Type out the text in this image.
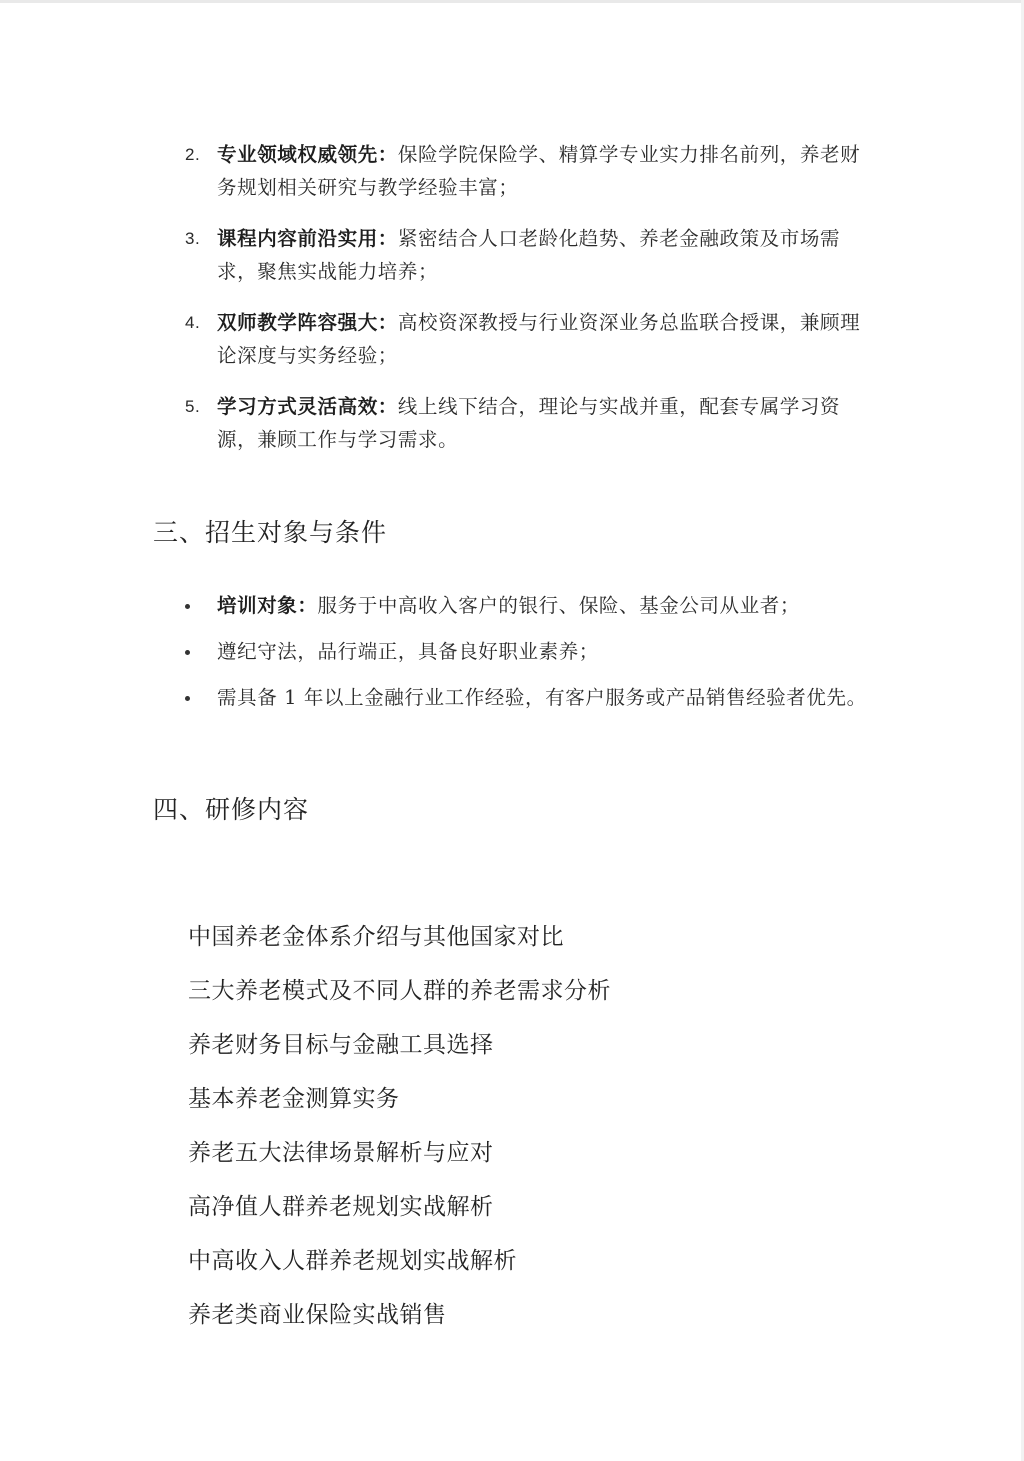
2. 专业领域权威领先：保险学院保险学、精算学专业实力排名前列，养老财务规划相关研究与教学经验丰富；
3. 课程内容前沿实用：紧密结合人口老龄化趋势、养老金融政策及市场需求，聚焦实战能力培养；
4. 双师教学阵容强大：高校资深教授与行业资深业务总监联合授课，兼顾理论深度与实务经验；
5. 学习方式灵活高效：线上线下结合，理论与实战并重，配套专属学习资源，兼顾工作与学习需求。
三、招生对象与条件
培训对象：服务于中高收入客户的银行、保险、基金公司从业者；
遵纪守法，品行端正，具备良好职业素养；
需具备 1 年以上金融行业工作经验，有客户服务或产品销售经验者优先。
四、研修内容
中国养老金体系介绍与其他国家对比
三大养老模式及不同人群的养老需求分析
养老财务目标与金融工具选择
基本养老金测算实务
养老五大法律场景解析与应对
高净值人群养老规划实战解析
中高收入人群养老规划实战解析
养老类商业保险实战销售
